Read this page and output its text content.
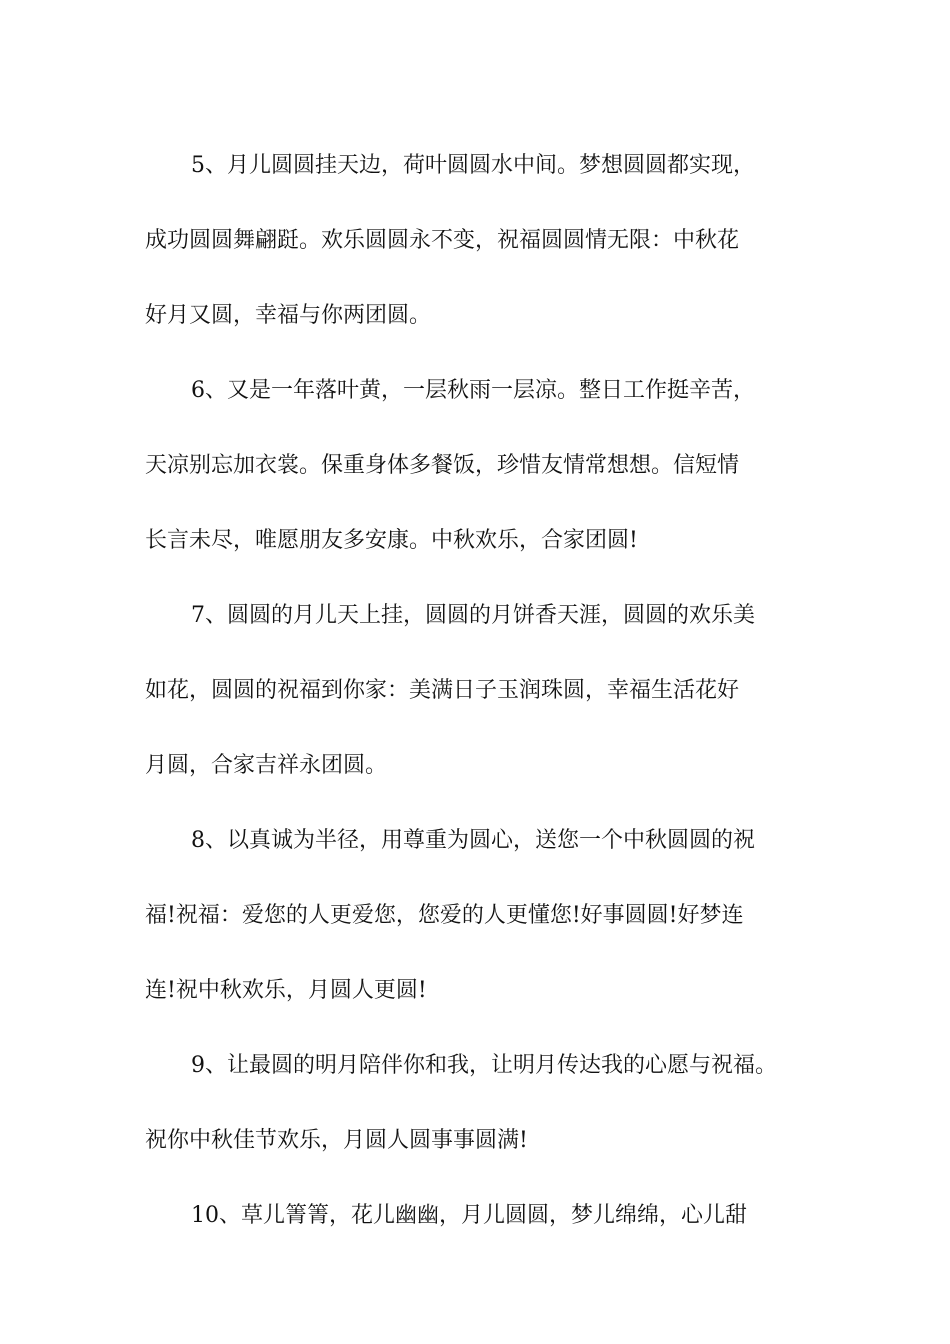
5、月儿圆圆挂天边，荷叶圆圆水中间。梦想圆圆都实现，
成功圆圆舞翩跹。欢乐圆圆永不变，祝福圆圆情无限：中秋花
好月又圆，幸福与你两团圆。
6、又是一年落叶黄，一层秋雨一层凉。整日工作挺辛苦，
天凉别忘加衣裳。保重身体多餐饭，珍惜友情常想想。信短情
长言未尽，唯愿朋友多安康。中秋欢乐，合家团圆!
7、圆圆的月儿天上挂，圆圆的月饼香天涯，圆圆的欢乐美
如花，圆圆的祝福到你家：美满日子玉润珠圆，幸福生活花好
月圆，合家吉祥永团圆。
8、以真诚为半径，用尊重为圆心，送您一个中秋圆圆的祝
福!祝福：爱您的人更爱您，您爱的人更懂您!好事圆圆!好梦连
连!祝中秋欢乐，月圆人更圆!
9、让最圆的明月陪伴你和我，让明月传达我的心愿与祝福。
祝你中秋佳节欢乐，月圆人圆事事圆满!
10、草儿箐箐，花儿幽幽，月儿圆圆，梦儿绵绵，心儿甜
